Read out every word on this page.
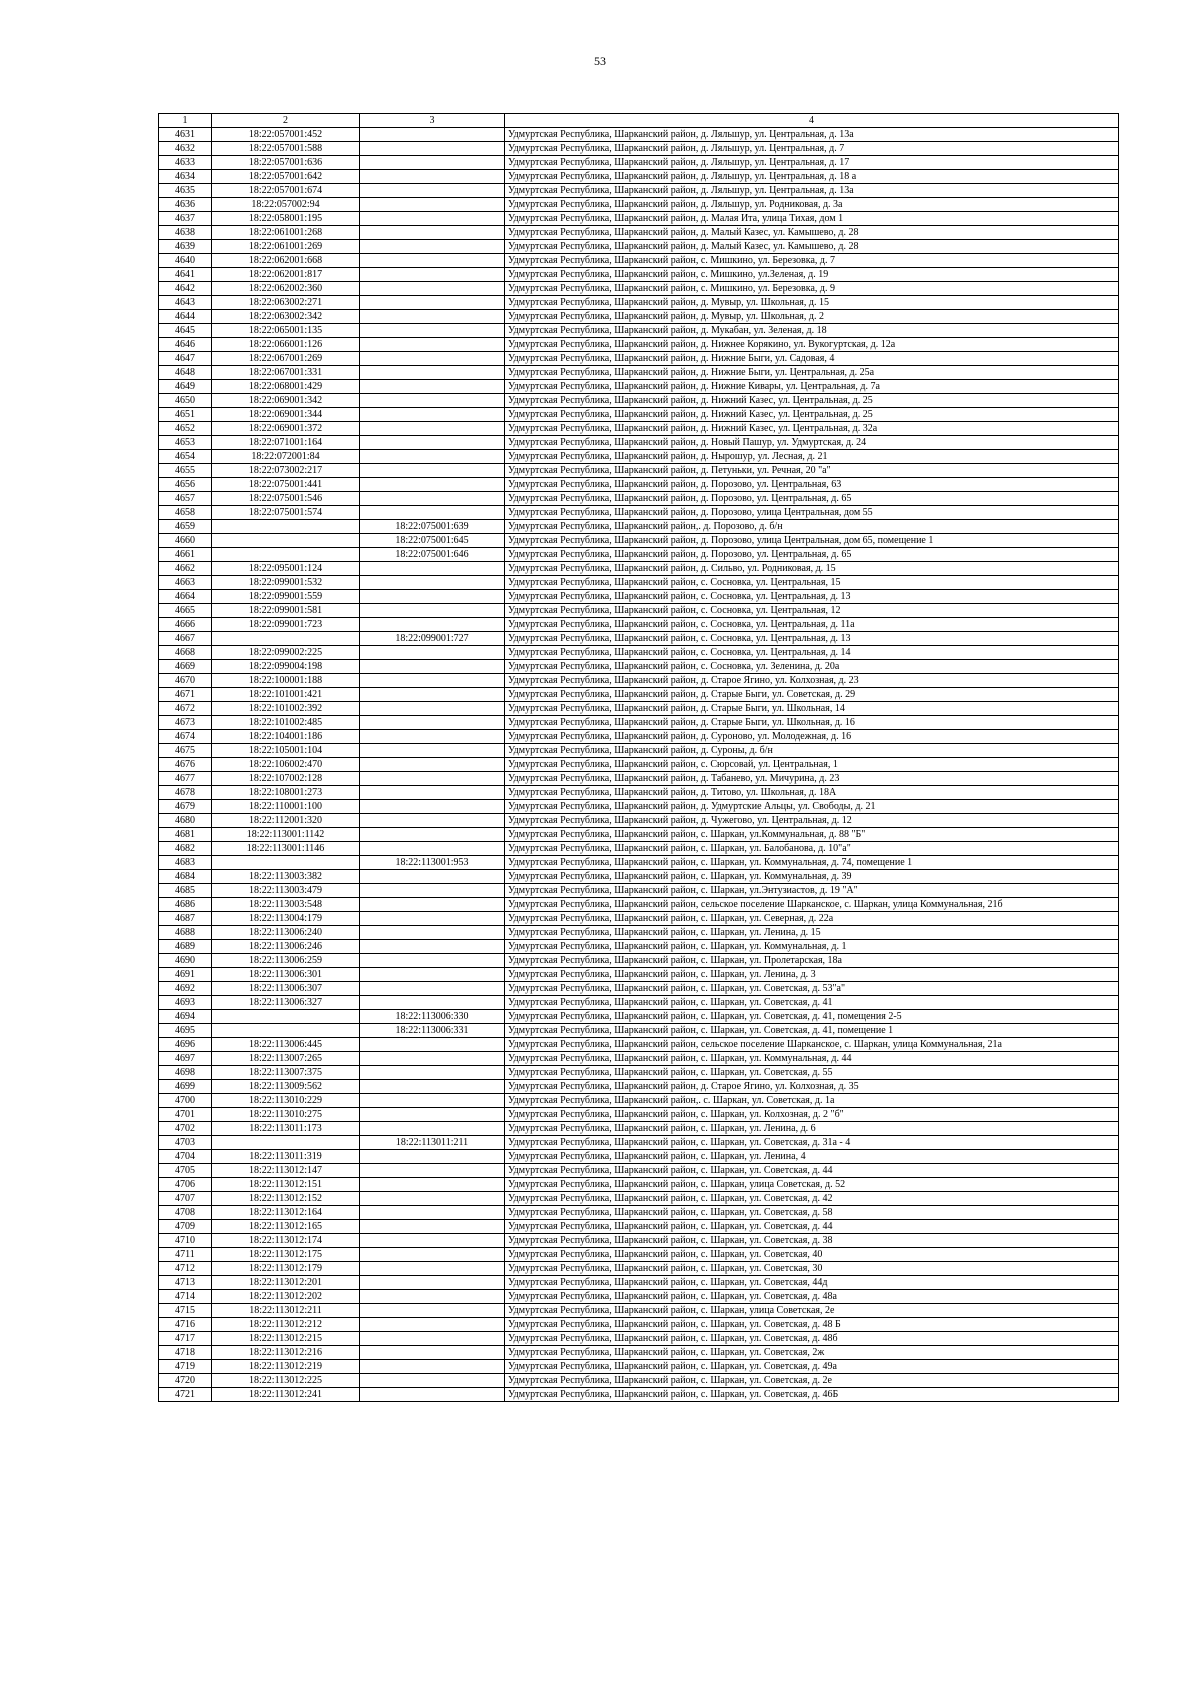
53
1	2	3	4
4631	18:22:057001:452		Удмуртская Республика, Шарканский район, д. Ляльшур, ул. Центральная, д. 13а
4632	18:22:057001:588		Удмуртская Республика, Шарканский район, д. Ляльшур, ул. Центральная, д. 7
4633	18:22:057001:636		Удмуртская Республика, Шарканский район, д. Ляльшур, ул. Центральная, д. 17
4634	18:22:057001:642		Удмуртская Республика, Шарканский район, д. Ляльшур, ул. Центральная, д. 18 а
4635	18:22:057001:674		Удмуртская Республика, Шарканский район, д. Ляльшур, ул. Центральная, д. 13а
4636	18:22:057002:94		Удмуртская Республика, Шарканский район, д. Ляльшур, ул. Родниковая, д. 3а
4637	18:22:058001:195		Удмуртская Республика, Шарканский район, д. Малая Ита, улица Тихая, дом 1
4638	18:22:061001:268		Удмуртская Республика, Шарканский район, д. Малый Казес, ул. Камышево, д. 28
4639	18:22:061001:269		Удмуртская Республика, Шарканский район, д. Малый Казес, ул. Камышево, д. 28
4640	18:22:062001:668		Удмуртская Республика, Шарканский район, с. Мишкино, ул. Березовка, д. 7
4641	18:22:062001:817		Удмуртская Республика, Шарканский район, с. Мишкино, ул.Зеленая, д. 19
4642	18:22:062002:360		Удмуртская Республика, Шарканский район, с. Мишкино, ул. Березовка, д. 9
4643	18:22:063002:271		Удмуртская Республика, Шарканский район, д. Мувыр, ул. Школьная, д. 15
4644	18:22:063002:342		Удмуртская Республика, Шарканский район, д. Мувыр, ул. Школьная, д. 2
4645	18:22:065001:135		Удмуртская Республика, Шарканский район, д. Мукабан, ул. Зеленая, д. 18
4646	18:22:066001:126		Удмуртская Республика, Шарканский район, д. Нижнее Корякино, ул. Вукогуртская, д. 12а
4647	18:22:067001:269		Удмуртская Республика, Шарканский район, д. Нижние Быги, ул. Садовая, 4
4648	18:22:067001:331		Удмуртская Республика, Шарканский район, д. Нижние Быги, ул. Центральная, д. 25а
4649	18:22:068001:429		Удмуртская Республика, Шарканский район, д. Нижние Кивары, ул. Центральная, д. 7а
4650	18:22:069001:342		Удмуртская Республика, Шарканский район, д. Нижний Казес, ул. Центральная, д. 25
4651	18:22:069001:344		Удмуртская Республика, Шарканский район, д. Нижний Казес, ул. Центральная, д. 25
4652	18:22:069001:372		Удмуртская Республика, Шарканский район, д. Нижний Казес, ул. Центральная, д. 32а
4653	18:22:071001:164		Удмуртская Республика, Шарканский район, д. Новый Пашур, ул. Удмуртская, д. 24
4654	18:22:072001:84		Удмуртская Республика, Шарканский район, д. Нырошур, ул. Лесная, д. 21
4655	18:22:073002:217		Удмуртская Республика, Шарканский район, д. Петуньки, ул. Речная, 20 "а"
4656	18:22:075001:441		Удмуртская Республика, Шарканский район, д. Порозово, ул. Центральная, 63
4657	18:22:075001:546		Удмуртская Республика, Шарканский район, д. Порозово, ул. Центральная, д. 65
4658	18:22:075001:574		Удмуртская Республика, Шарканский район, д. Порозово, улица Центральная, дом 55
4659		18:22:075001:639	Удмуртская Республика, Шарканский район,. д. Порозово, д. б/н
4660		18:22:075001:645	Удмуртская Республика, Шарканский район, д. Порозово, улица Центральная, дом 65, помещение 1
4661		18:22:075001:646	Удмуртская Республика, Шарканский район, д. Порозово, ул. Центральная, д. 65
4662	18:22:095001:124		Удмуртская Республика, Шарканский район, д. Сильво, ул. Родниковая, д. 15
4663	18:22:099001:532		Удмуртская Республика, Шарканский район, с. Сосновка, ул. Центральная, 15
4664	18:22:099001:559		Удмуртская Республика, Шарканский район, с. Сосновка, ул. Центральная, д. 13
4665	18:22:099001:581		Удмуртская Республика, Шарканский район, с. Сосновка, ул. Центральная, 12
4666	18:22:099001:723		Удмуртская Республика, Шарканский район, с. Сосновка, ул. Центральная, д. 11а
4667		18:22:099001:727	Удмуртская Республика, Шарканский район, с. Сосновка, ул. Центральная, д. 13
4668	18:22:099002:225		Удмуртская Республика, Шарканский район, с. Сосновка, ул. Центральная, д. 14
4669	18:22:099004:198		Удмуртская Республика, Шарканский район, с. Сосновка, ул. Зеленина, д. 20а
4670	18:22:100001:188		Удмуртская Республика, Шарканский район, д. Старое Ягино, ул. Колхозная, д. 23
4671	18:22:101001:421		Удмуртская Республика, Шарканский район, д. Старые Быги, ул. Советская, д. 29
4672	18:22:101002:392		Удмуртская Республика, Шарканский район, д. Старые Быги, ул. Школьная, 14
4673	18:22:101002:485		Удмуртская Республика, Шарканский район, д. Старые Быги, ул. Школьная, д. 16
4674	18:22:104001:186		Удмуртская Республика, Шарканский район, д. Суроново, ул. Молодежная, д. 16
4675	18:22:105001:104		Удмуртская Республика, Шарканский район, д. Суроны, д. б/н
4676	18:22:106002:470		Удмуртская Республика, Шарканский район, с. Сюрсовай, ул. Центральная, 1
4677	18:22:107002:128		Удмуртская Республика, Шарканский район, д. Табанево, ул. Мичурина, д. 23
4678	18:22:108001:273		Удмуртская Республика, Шарканский район, д. Титово, ул. Школьная, д. 18А
4679	18:22:110001:100		Удмуртская Республика, Шарканский район, д. Удмуртские Альцы, ул. Свободы, д. 21
4680	18:22:112001:320		Удмуртская Республика, Шарканский район, д. Чужегово, ул. Центральная, д. 12
4681	18:22:113001:1142		Удмуртская Республика, Шарканский район, с. Шаркан, ул.Коммунальная, д. 88 "Б"
4682	18:22:113001:1146		Удмуртская Республика, Шарканский район, с. Шаркан, ул. Балобанова, д. 10"а"
4683		18:22:113001:953	Удмуртская Республика, Шарканский район, с. Шаркан, ул. Коммунальная, д. 74, помещение 1
4684	18:22:113003:382		Удмуртская Республика, Шарканский район, с. Шаркан, ул. Коммунальная, д. 39
4685	18:22:113003:479		Удмуртская Республика, Шарканский район, с. Шаркан, ул.Энтузиастов, д. 19 "А"
4686	18:22:113003:548		Удмуртская Республика, Шарканский район, сельское поселение Шарканское, с. Шаркан, улица Коммунальная, 21б
4687	18:22:113004:179		Удмуртская Республика, Шарканский район, с. Шаркан, ул. Северная, д. 22а
4688	18:22:113006:240		Удмуртская Республика, Шарканский район, с. Шаркан, ул. Ленина, д. 15
4689	18:22:113006:246		Удмуртская Республика, Шарканский район, с. Шаркан, ул. Коммунальная, д. 1
4690	18:22:113006:259		Удмуртская Республика, Шарканский район, с. Шаркан, ул. Пролетарская, 18а
4691	18:22:113006:301		Удмуртская Республика, Шарканский район, с. Шаркан, ул. Ленина, д. 3
4692	18:22:113006:307		Удмуртская Республика, Шарканский район, с. Шаркан, ул. Советская, д. 53"а"
4693	18:22:113006:327		Удмуртская Республика, Шарканский район, с. Шаркан, ул. Советская, д. 41
4694		18:22:113006:330	Удмуртская Республика, Шарканский район, с. Шаркан, ул. Советская, д. 41, помещения 2-5
4695		18:22:113006:331	Удмуртская Республика, Шарканский район, с. Шаркан, ул. Советская, д. 41, помещение 1
4696	18:22:113006:445		Удмуртская Республика, Шарканский район, сельское поселение Шарканское, с. Шаркан, улица Коммунальная, 21а
4697	18:22:113007:265		Удмуртская Республика, Шарканский район, с. Шаркан, ул. Коммунальная, д. 44
4698	18:22:113007:375		Удмуртская Республика, Шарканский район, с. Шаркан, ул. Советская, д. 55
4699	18:22:113009:562		Удмуртская Республика, Шарканский район, д. Старое Ягино, ул. Колхозная, д. 35
4700	18:22:113010:229		Удмуртская Республика, Шарканский район,. с. Шаркан, ул. Советская, д. 1а
4701	18:22:113010:275		Удмуртская Республика, Шарканский район, с. Шаркан, ул. Колхозная, д. 2 "б"
4702	18:22:113011:173		Удмуртская Республика, Шарканский район, с. Шаркан, ул. Ленина, д. 6
4703		18:22:113011:211	Удмуртская Республика, Шарканский район, с. Шаркан, ул. Советская, д. 31а - 4
4704	18:22:113011:319		Удмуртская Республика, Шарканский район, с. Шаркан, ул. Ленина, 4
4705	18:22:113012:147		Удмуртская Республика, Шарканский район, с. Шаркан, ул. Советская, д. 44
4706	18:22:113012:151		Удмуртская Республика, Шарканский район, с. Шаркан, улица Советская, д. 52
4707	18:22:113012:152		Удмуртская Республика, Шарканский район, с. Шаркан, ул. Советская, д. 42
4708	18:22:113012:164		Удмуртская Республика, Шарканский район, с. Шаркан, ул. Советская, д. 58
4709	18:22:113012:165		Удмуртская Республика, Шарканский район, с. Шаркан, ул. Советская, д. 44
4710	18:22:113012:174		Удмуртская Республика, Шарканский район, с. Шаркан, ул. Советская, д. 38
4711	18:22:113012:175		Удмуртская Республика, Шарканский район, с. Шаркан, ул. Советская, 40
4712	18:22:113012:179		Удмуртская Республика, Шарканский район, с. Шаркан, ул. Советская, 30
4713	18:22:113012:201		Удмуртская Республика, Шарканский район, с. Шаркан, ул. Советская, 44д
4714	18:22:113012:202		Удмуртская Республика, Шарканский район, с. Шаркан, ул. Советская, д. 48а
4715	18:22:113012:211		Удмуртская Республика, Шарканский район, с. Шаркан, улица Советская, 2е
4716	18:22:113012:212		Удмуртская Республика, Шарканский район, с. Шаркан, ул. Советская, д. 48 Б
4717	18:22:113012:215		Удмуртская Республика, Шарканский район, с. Шаркан, ул. Советская, д. 48б
4718	18:22:113012:216		Удмуртская Республика, Шарканский район, с. Шаркан, ул. Советская, 2ж
4719	18:22:113012:219		Удмуртская Республика, Шарканский район, с. Шаркан, ул. Советская, д. 49а
4720	18:22:113012:225		Удмуртская Республика, Шарканский район, с. Шаркан, ул. Советская, д. 2е
4721	18:22:113012:241		Удмуртская Республика, Шарканский район, с. Шаркан, ул. Советская, д. 46Б
